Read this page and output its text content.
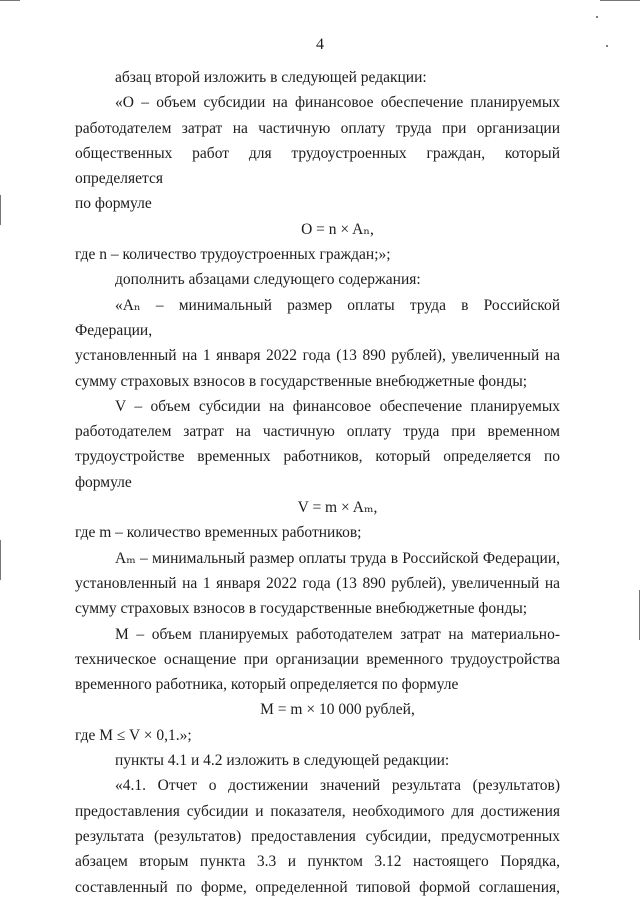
4

абзац второй изложить в следующей редакции:

«О – объем субсидии на финансовое обеспечение планируемых

работодателем затрат на частичную оплату труда при организации

общественных работ для трудоустроенных граждан, который определяется

по формуле

O = n × Aₙ,

где n – количество трудоустроенных граждан;»;

дополнить абзацами следующего содержания:

«Aₙ – минимальный размер оплаты труда в Российской Федерации,

установленный на 1 января 2022 года (13 890 рублей), увеличенный на

сумму страховых взносов в государственные внебюджетные фонды;

V – объем субсидии на финансовое обеспечение планируемых

работодателем затрат на частичную оплату труда при временном

трудоустройстве временных работников, который определяется по

формуле

V = m × Aₘ,

где m – количество временных работников;

Aₘ – минимальный размер оплаты труда в Российской Федерации,

установленный на 1 января 2022 года (13 890 рублей), увеличенный на

сумму страховых взносов в государственные внебюджетные фонды;

M – объем планируемых работодателем затрат на материально-

техническое оснащение при организации временного трудоустройства

временного работника, который определяется по формуле

M = m × 10 000 рублей,

где M ≤ V × 0,1.»;

пункты 4.1 и 4.2 изложить в следующей редакции:

«4.1. Отчет о достижении значений результата (результатов)

предоставления субсидии и показателя, необходимого для достижения

результата (результатов) предоставления субсидии, предусмотренных

абзацем вторым пункта 3.3 и пунктом 3.12 настоящего Порядка,

составленный по форме, определенной типовой формой соглашения,
